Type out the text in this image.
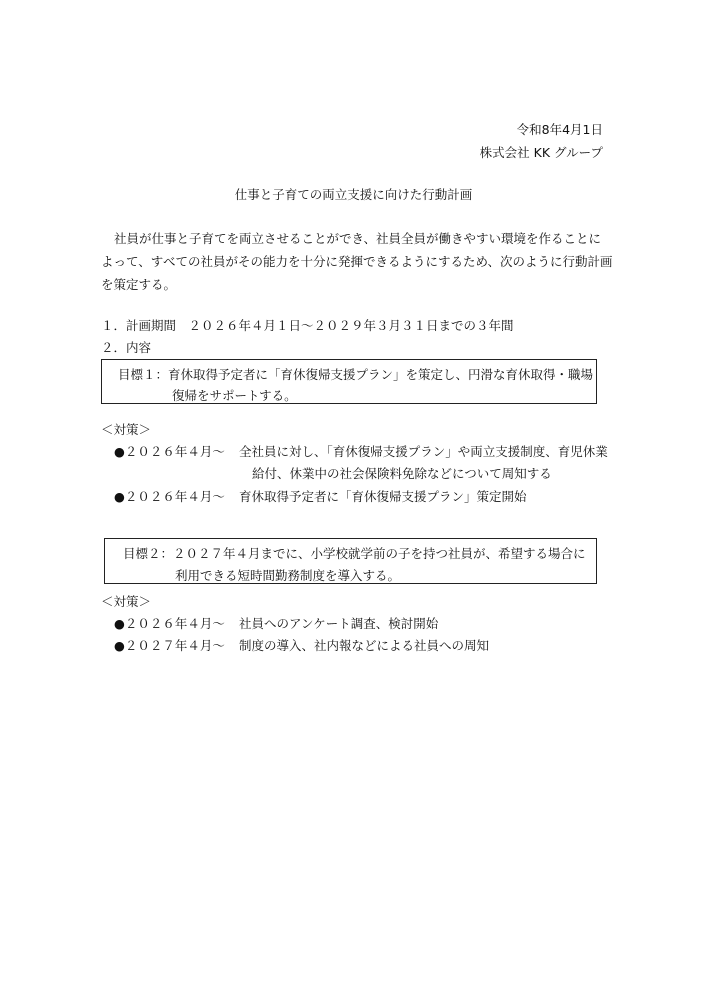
令和8年4月1日
株式会社 KK グループ
仕事と子育ての両立支援に向けた行動計画
社員が仕事と子育てを両立させることができ、社員全員が働きやすい環境を作ることに
よって、すべての社員がその能力を十分に発揮できるようにするため、次のように行動計画
を策定する。
１．計画期間　２０２６年４月１日～２０２９年３月３１日までの３年間
２．内容
目標１：育休取得予定者に「育休復帰支援プラン」を策定し、円滑な育休取得・職場
復帰をサポートする。
＜対策＞
●２０２６年４月～ 全社員に対し、「育休復帰支援プラン」や両立支援制度、育児休業
給付、休業中の社会保険料免除などについて周知する
●２０２６年４月～ 育休取得予定者に「育休復帰支援プラン」策定開始
目標２：２０２７年４月までに、小学校就学前の子を持つ社員が、希望する場合に
利用できる短時間勤務制度を導入する。
＜対策＞
●２０２６年４月～ 社員へのアンケート調査、検討開始
●２０２７年４月～ 制度の導入、社内報などによる社員への周知
